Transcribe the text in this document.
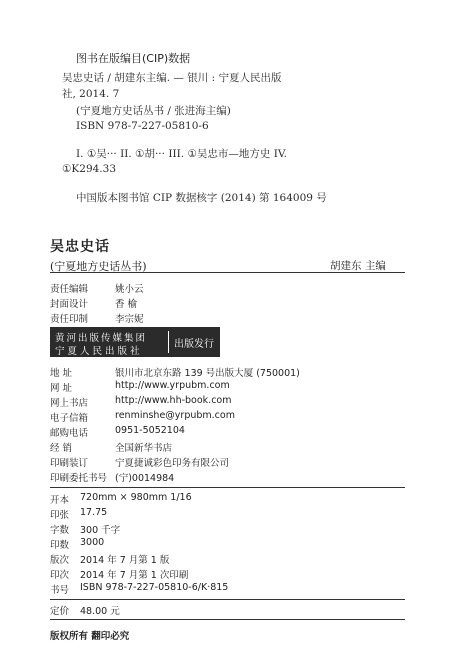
图书在版编目(CIP)数据
吴忠史话 / 胡建东主编. — 银川 : 宁夏人民出版
社, 2014. 7
(宁夏地方史话丛书 / 张进海主编)
ISBN 978-7-227-05810-6
I. ①吴··· II. ①胡··· III. ①吴忠市—地方史 IV.
①K294.33
中国版本图书馆 CIP 数据核字 (2014) 第 164009 号
吴忠史话
(宁夏地方史话丛书)	胡建东 主编
责任编辑	姚小云
封面设计	香 榆
责任印制	李宗妮
黄河出版传媒集团
宁夏人民出版社
出版发行
地 址	银川市北京东路 139 号出版大厦 (750001)
网 址	http://www.yrpubm.com
网上书店	http://www.hh-book.com
电子信箱	renminshe@yrpubm.com
邮购电话	0951-5052104
经 销	全国新华书店
印刷装订	宁夏捷诚彩色印务有限公司
印刷委托书号 (宁)0014984
开本 720mm × 980mm 1/16
印张 17.75
字数 300 千字
印数 3000
版次 2014 年 7 月第 1 版
印次 2014 年 7 月第 1 次印刷
书号 ISBN 978-7-227-05810-6/K·815
定价 48.00 元
版权所有 翻印必究
